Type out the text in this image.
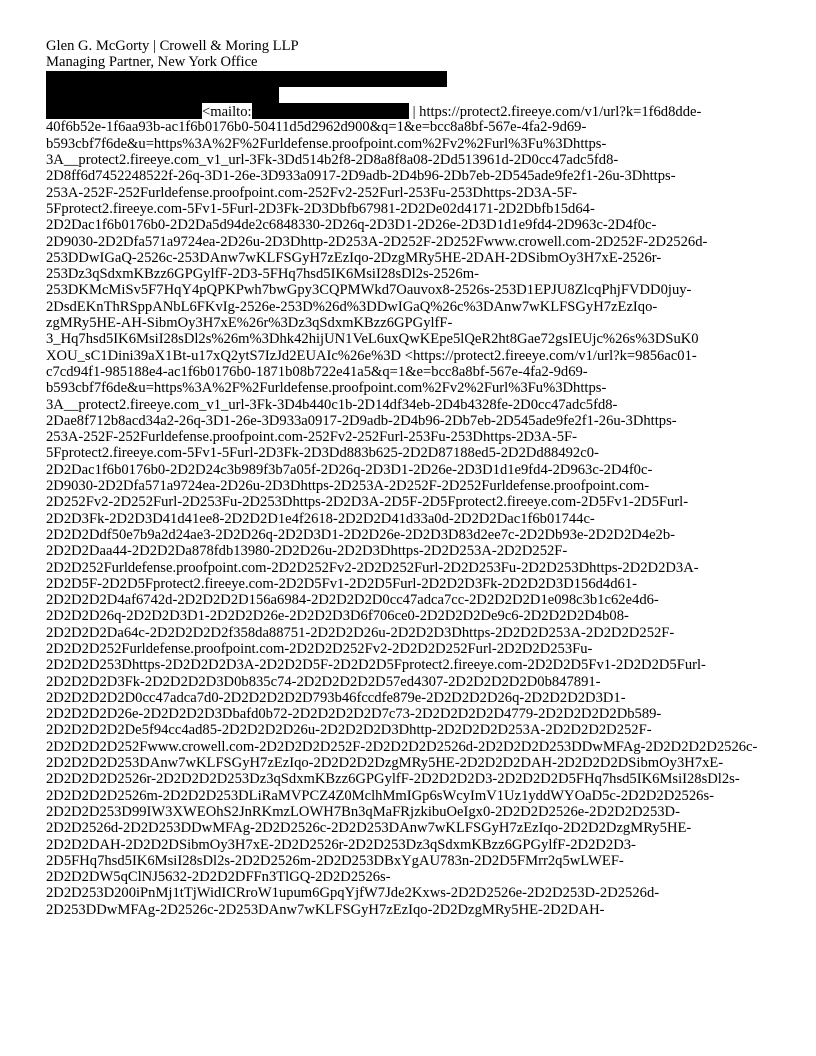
Glen G. McGorty | Crowell & Moring LLP
Managing Partner, New York Office
<mailto:	| https://protect2.fireeye.com/v1/url?k=1f6d8dde-
40f6b52e-1f6aa93b-ac1f6b0176b0-50411d5d2962d900&q=1&e=bcc8a8bf-567e-4fa2-9d69-
b593cbf7f6de&u=https%3A%2F%2Furldefense.proofpoint.com%2Fv2%2Furl%3Fu%3Dhttps-
3A__protect2.fireeye.com_v1_url-3Fk-3Dd514b2f8-2D8a8f8a08-2Dd513961d-2D0cc47adc5fd8-
2D8ff6d7452248522f-26q-3D1-26e-3D933a0917-2D9adb-2D4b96-2Db7eb-2D545ade9fe2f1-26u-3Dhttps-
253A-252F-252Furldefense.proofpoint.com-252Fv2-252Furl-253Fu-253Dhttps-2D3A-5F-
5Fprotect2.fireeye.com-5Fv1-5Furl-2D3Fk-2D3Dbfb67981-2D2De02d4171-2D2Dbfb15d64-
2D2Dac1f6b0176b0-2D2Da5d94de2c6848330-2D26q-2D3D1-2D26e-2D3D1d1e9fd4-2D963c-2D4f0c-
2D9030-2D2Dfa571a9724ea-2D26u-2D3Dhttp-2D253A-2D252F-2D252Fwww.crowell.com-2D252F-2D2526d-
253DDwIGaQ-2526c-253DAnw7wKLFSGyH7zEzIqo-2DzgMRy5HE-2DAH-2DSibmOy3H7xE-2526r-
253Dz3qSdxmKBzz6GPGylfF-2D3-5FHq7hsd5IK6MsiI28sDl2s-2526m-
253DKMcMiSv5F7HqY4pQPKPwh7bwGpy3CQPMWkd7Oauvox8-2526s-253D1EPJU8ZlcqPhjFVDD0juy-
2DsdEKnThRSppANbL6FKvIg-2526e-253D%26d%3DDwIGaQ%26c%3DAnw7wKLFSGyH7zEzIqo-
zgMRy5HE-AH-SibmOy3H7xE%26r%3Dz3qSdxmKBzz6GPGylfF-
3_Hq7hsd5IK6MsiI28sDl2s%26m%3Dhk42hijUN1VeL6uxQwKEpe5lQeR2ht8Gae72gsIEUjc%26s%3DSuK0
XOU_sC1Dini39aX1Bt-u17xQ2ytS7IzJd2EUAIc%26e%3D <https://protect2.fireeye.com/v1/url?k=9856ac01-
c7cd94f1-985188e4-ac1f6b0176b0-1871b08b722e41a5&q=1&e=bcc8a8bf-567e-4fa2-9d69-
b593cbf7f6de&u=https%3A%2F%2Furldefense.proofpoint.com%2Fv2%2Furl%3Fu%3Dhttps-
3A__protect2.fireeye.com_v1_url-3Fk-3D4b440c1b-2D14df34eb-2D4b4328fe-2D0cc47adc5fd8-
2Dae8f712b8acd34a2-26q-3D1-26e-3D933a0917-2D9adb-2D4b96-2Db7eb-2D545ade9fe2f1-26u-3Dhttps-
253A-252F-252Furldefense.proofpoint.com-252Fv2-252Furl-253Fu-253Dhttps-2D3A-5F-
5Fprotect2.fireeye.com-5Fv1-5Furl-2D3Fk-2D3Dd883b625-2D2D87188ed5-2D2Dd88492c0-
2D2Dac1f6b0176b0-2D2D24c3b989f3b7a05f-2D26q-2D3D1-2D26e-2D3D1d1e9fd4-2D963c-2D4f0c-
2D9030-2D2Dfa571a9724ea-2D26u-2D3Dhttps-2D253A-2D252F-2D252Furldefense.proofpoint.com-
2D252Fv2-2D252Furl-2D253Fu-2D253Dhttps-2D2D3A-2D5F-2D5Fprotect2.fireeye.com-2D5Fv1-2D5Furl-
2D2D3Fk-2D2D3D41d41ee8-2D2D2D1e4f2618-2D2D2D41d33a0d-2D2D2Dac1f6b01744c-
2D2D2Ddf50e7b9a2d24ae3-2D2D26q-2D2D3D1-2D2D26e-2D2D3D83d2ee7c-2D2Db93e-2D2D2D4e2b-
2D2D2Daa44-2D2D2Da878fdb13980-2D2D26u-2D2D3Dhttps-2D2D253A-2D2D252F-
2D2D252Furldefense.proofpoint.com-2D2D252Fv2-2D2D252Furl-2D2D253Fu-2D2D253Dhttps-2D2D2D3A-
2D2D5F-2D2D5Fprotect2.fireeye.com-2D2D5Fv1-2D2D5Furl-2D2D2D3Fk-2D2D2D3D156d4d61-
2D2D2D2D4af6742d-2D2D2D2D156a6984-2D2D2D2D0cc47adca7cc-2D2D2D2D1e098c3b1c62e4d6-
2D2D2D26q-2D2D2D3D1-2D2D2D26e-2D2D2D3D6f706ce0-2D2D2D2De9c6-2D2D2D2D4b08-
2D2D2D2Da64c-2D2D2D2D2f358da88751-2D2D2D26u-2D2D2D3Dhttps-2D2D2D253A-2D2D2D252F-
2D2D2D252Furldefense.proofpoint.com-2D2D2D252Fv2-2D2D2D252Furl-2D2D2D253Fu-
2D2D2D253Dhttps-2D2D2D2D3A-2D2D2D5F-2D2D2D5Fprotect2.fireeye.com-2D2D2D5Fv1-2D2D2D5Furl-
2D2D2D2D3Fk-2D2D2D2D3D0b835c74-2D2D2D2D2D57ed4307-2D2D2D2D2D0b847891-
2D2D2D2D2D0cc47adca7d0-2D2D2D2D2D793b46fccdfe879e-2D2D2D2D26q-2D2D2D2D3D1-
2D2D2D2D26e-2D2D2D2D3Dbafd0b72-2D2D2D2D2D7c73-2D2D2D2D2D4779-2D2D2D2D2Db589-
2D2D2D2D2De5f94cc4ad85-2D2D2D2D26u-2D2D2D2D3Dhttp-2D2D2D2D253A-2D2D2D2D252F-
2D2D2D2D252Fwww.crowell.com-2D2D2D2D252F-2D2D2D2D2526d-2D2D2D2D253DDwMFAg-2D2D2D2D2526c-
2D2D2D2D253DAnw7wKLFSGyH7zEzIqo-2D2D2D2DzgMRy5HE-2D2D2D2DAH-2D2D2D2DSibmOy3H7xE-
2D2D2D2D2526r-2D2D2D2D253Dz3qSdxmKBzz6GPGylfF-2D2D2D2D3-2D2D2D2D5FHq7hsd5IK6MsiI28sDl2s-
2D2D2D2D2526m-2D2D2D253DLiRaMVPCZ4Z0MclhMmIGp6sWcyImV1Uz1yddWYOaD5c-2D2D2D2526s-
2D2D2D253D99IW3XWEOhS2JnRKmzLOWH7Bn3qMaFRjzkibuOeIgx0-2D2D2D2526e-2D2D2D253D-
2D2D2526d-2D2D253DDwMFAg-2D2D2526c-2D2D253DAnw7wKLFSGyH7zEzIqo-2D2D2DzgMRy5HE-
2D2D2DAH-2D2D2DSibmOy3H7xE-2D2D2526r-2D2D253Dz3qSdxmKBzz6GPGylfF-2D2D2D3-
2D5FHq7hsd5IK6MsiI28sDl2s-2D2D2526m-2D2D253DBxYgAU783n-2D2D5FMrr2q5wLWEF-
2D2D2DW5qClNJ5632-2D2D2DFFn3TlGQ-2D2D2526s-
2D2D253D200iPnMj1tTjWidICRroW1upum6GpqYjfW7Jde2Kxws-2D2D2526e-2D2D253D-2D2526d-
2D253DDwMFAg-2D2526c-2D253DAnw7wKLFSGyH7zEzIqo-2D2DzgMRy5HE-2D2DAH-
